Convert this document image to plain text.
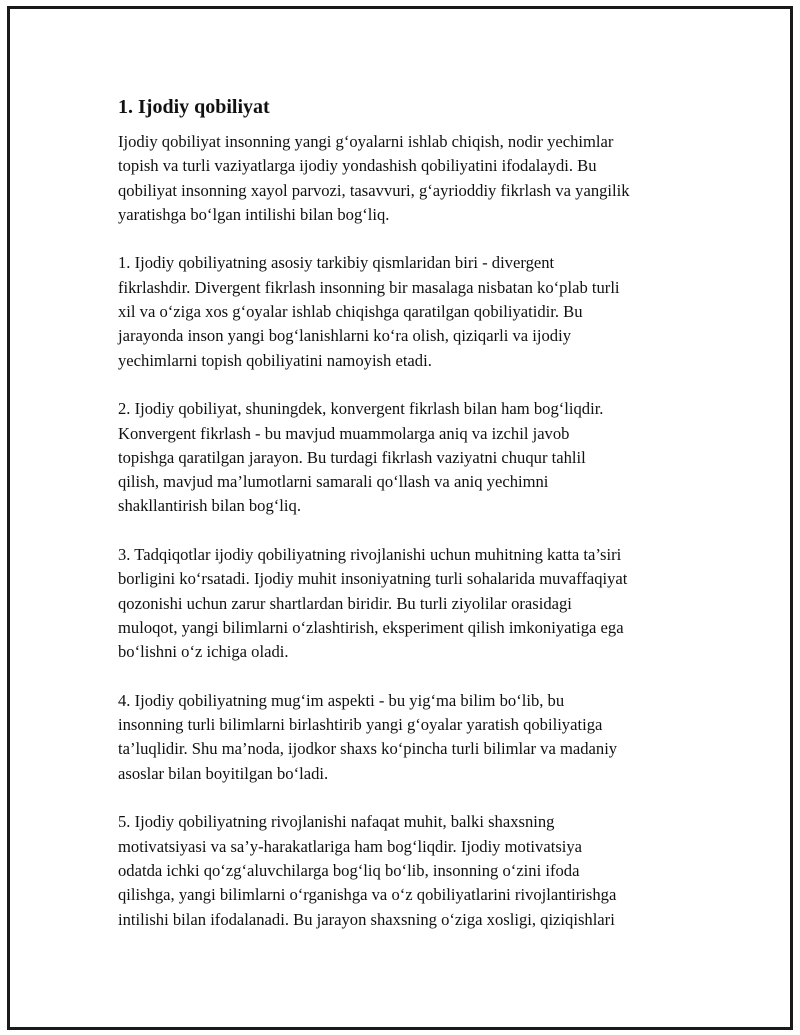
1. Ijodiy qobiliyat

Ijodiy qobiliyat insonning yangi g‘oyalarni ishlab chiqish, nodir yechimlar
topish va turli vaziyatlarga ijodiy yondashish qobiliyatini ifodalaydi. Bu
qobiliyat insonning xayol parvozi, tasavvuri, g‘ayrioddiy fikrlash va yangilik
yaratishga bo‘lgan intilishi bilan bog‘liq.

1. Ijodiy qobiliyatning asosiy tarkibiy qismlaridan biri - divergent
fikrlashdir. Divergent fikrlash insonning bir masalaga nisbatan ko‘plab turli
xil va o‘ziga xos g‘oyalar ishlab chiqishga qaratilgan qobiliyatidir. Bu
jarayonda inson yangi bog‘lanishlarni ko‘ra olish, qiziqarli va ijodiy
yechimlarni topish qobiliyatini namoyish etadi.

2. Ijodiy qobiliyat, shuningdek, konvergent fikrlash bilan ham bog‘liqdir.
Konvergent fikrlash - bu mavjud muammolarga aniq va izchil javob
topishga qaratilgan jarayon. Bu turdagi fikrlash vaziyatni chuqur tahlil
qilish, mavjud ma’lumotlarni samarali qo‘llash va aniq yechimni
shakllantirish bilan bog‘liq.

3. Tadqiqotlar ijodiy qobiliyatning rivojlanishi uchun muhitning katta ta’siri
borligini ko‘rsatadi. Ijodiy muhit insoniyatning turli sohalarida muvaffaqiyat
qozonishi uchun zarur shartlardan biridir. Bu turli ziyolilar orasidagi
muloqot, yangi bilimlarni o‘zlashtirish, eksperiment qilish imkoniyatiga ega
bo‘lishni o‘z ichiga oladi.

4. Ijodiy qobiliyatning mug‘im aspekti - bu yig‘ma bilim bo‘lib, bu
insonning turli bilimlarni birlashtirib yangi g‘oyalar yaratish qobiliyatiga
ta’luqlidir. Shu ma’noda, ijodkor shaxs ko‘pincha turli bilimlar va madaniy
asoslar bilan boyitilgan bo‘ladi.

5. Ijodiy qobiliyatning rivojlanishi nafaqat muhit, balki shaxsning
motivatsiyasi va sa’y-harakatlariga ham bog‘liqdir. Ijodiy motivatsiya
odatda ichki qo‘zg‘aluvchilarga bog‘liq bo‘lib, insonning o‘zini ifoda
qilishga, yangi bilimlarni o‘rganishga va o‘z qobiliyatlarini rivojlantirishga
intilishi bilan ifodalanadi. Bu jarayon shaxsning o‘ziga xosligi, qiziqishlari
